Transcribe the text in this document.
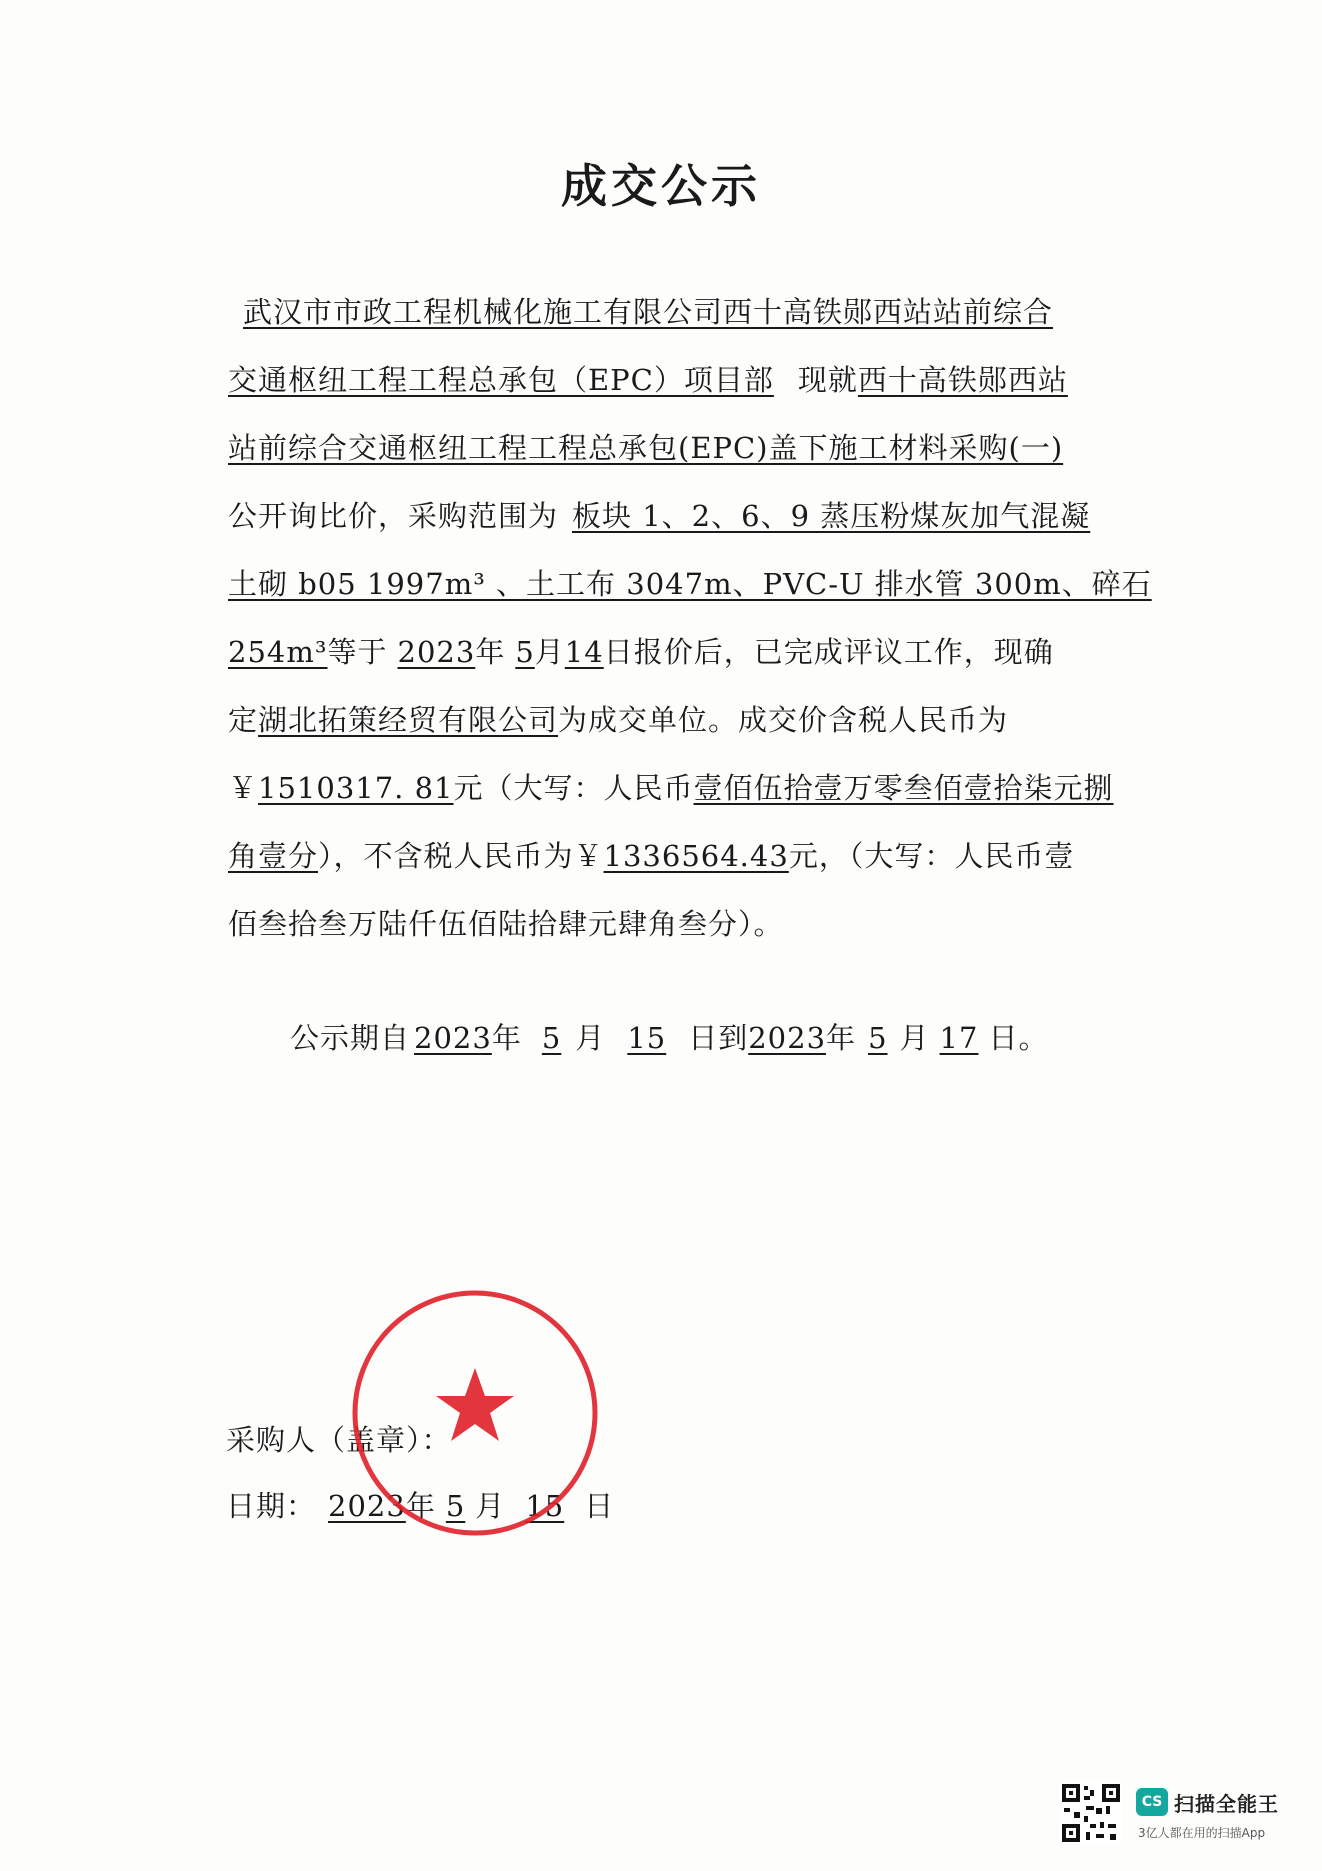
成交公示

武汉市市政工程机械化施工有限公司西十高铁郧西站站前综合

交通枢纽工程工程总承包（EPC）项目部 现就西十高铁郧西站

站前综合交通枢纽工程工程总承包(EPC)盖下施工材料采购(一)

公开询比价，采购范围为 板块 1、2、6、9 蒸压粉煤灰加气混凝

土砌 b05 1997m³ 、土工布 3047m、PVC-U 排水管 300m、碎石

254m³等于 2023年 5月14日报价后，已完成评议工作，现确

定湖北拓策经贸有限公司为成交单位。成交价含税人民币为

￥1510317. 81元（大写：人民币壹佰伍拾壹万零叁佰壹拾柒元捌

角壹分），不含税人民币为￥1336564.43元，（大写：人民币壹

佰叁拾叁万陆仟伍佰陆拾肆元肆角叁分）。

公示期自 2023年 5 月 15 日到2023年 5 月 17 日。
采购人（盖章）：
日期： 2023年 5 月 15 日
CS 扫描全能王
3亿人都在用的扫描App
